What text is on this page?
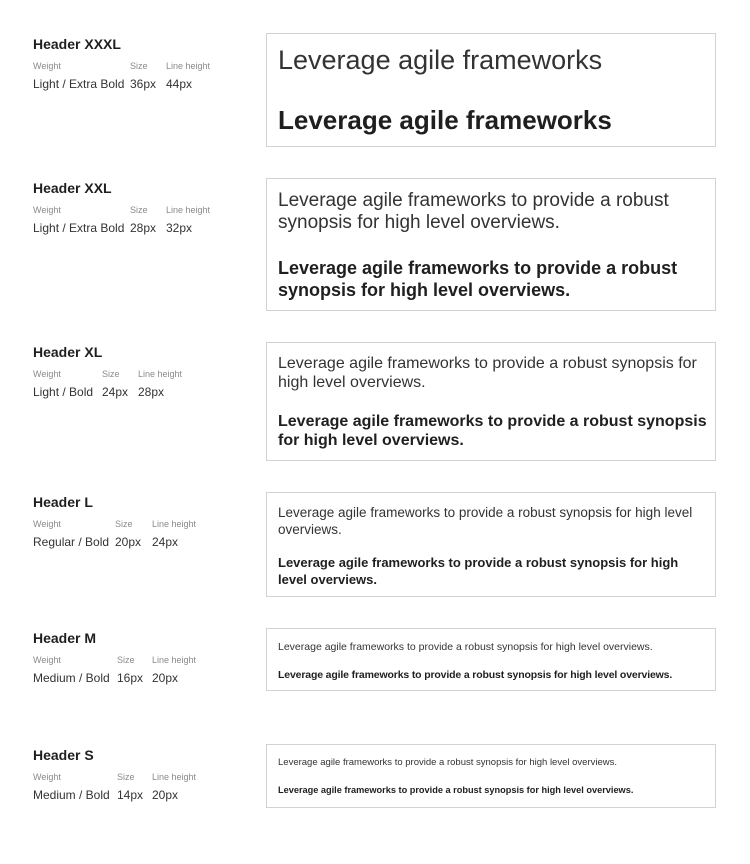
Header XXXL
Weight
Light / Extra Bold
Size
36px
Line height
44px
Leverage agile frameworks
Leverage agile frameworks
Header XXL
Weight
Light / Extra Bold
Size
28px
Line height
32px
Leverage agile frameworks to provide a robust synopsis for high level overviews.
Leverage agile frameworks to provide a robust synopsis for high level overviews.
Header XL
Weight
Light / Bold
Size
24px
Line height
28px
Leverage agile frameworks to provide a robust synopsis for high level overviews.
Leverage agile frameworks to provide a robust synopsis for high level overviews.
Header L
Weight
Regular / Bold
Size
20px
Line height
24px
Leverage agile frameworks to provide a robust synopsis for high level overviews.
Leverage agile frameworks to provide a robust synopsis for high level overviews.
Header M
Weight
Medium / Bold
Size
16px
Line height
20px
Leverage agile frameworks to provide a robust synopsis for high level overviews.
Leverage agile frameworks to provide a robust synopsis for high level overviews.
Header S
Weight
Medium / Bold
Size
14px
Line height
20px
Leverage agile frameworks to provide a robust synopsis for high level overviews.
Leverage agile frameworks to provide a robust synopsis for high level overviews.
